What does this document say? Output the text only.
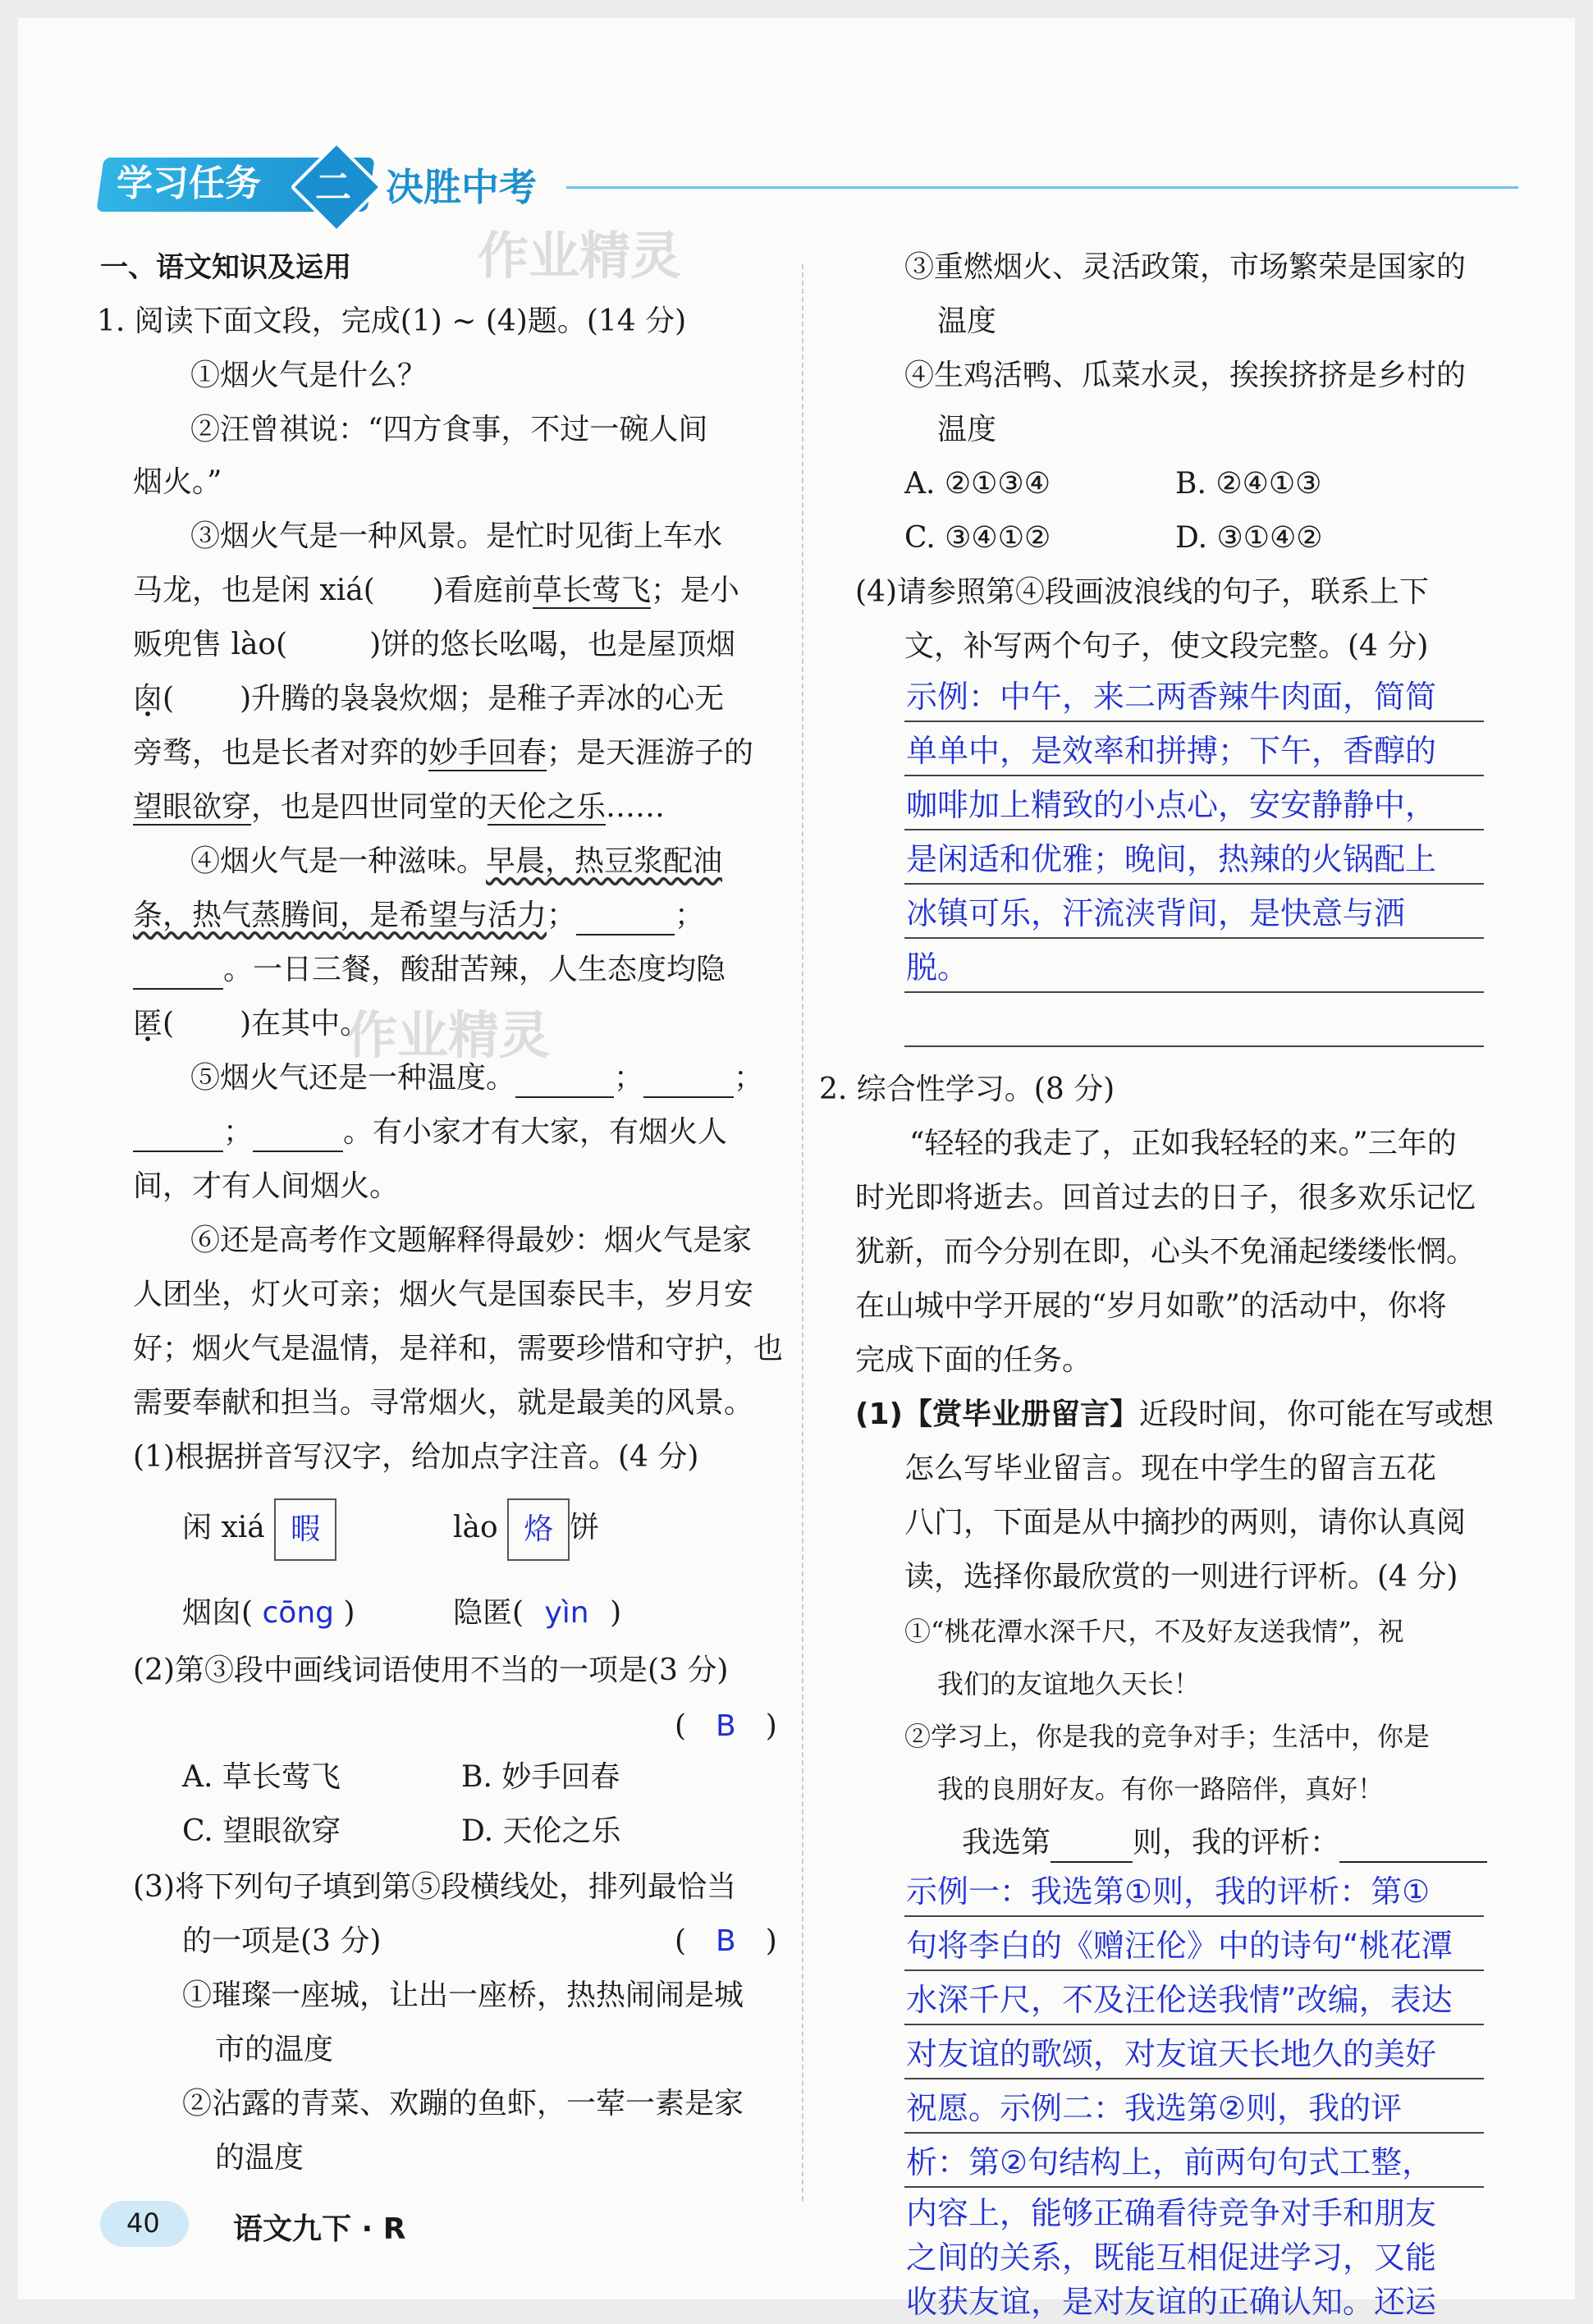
学习任务 二 决胜中考
作业精灵
作业精灵
一、语文知识及运用
1. 阅读下面文段，完成(1) ~ (4)题。(14 分)
①烟火气是什么？
②汪曾祺说：“四方食事，不过一碗人间
烟火。”
③烟火气是一种风景。是忙时见街上车水
马龙，也是闲 xiá( )看庭前草长莺飞；是小
贩兜售 lào(	)饼的悠长吆喝，也是屋顶烟
囱( )升腾的袅袅炊烟；是稚子弄冰的心无
旁骛，也是长者对弈的妙手回春；是天涯游子的
望眼欲穿，也是四世同堂的天伦之乐……
④烟火气是一种滋味。早晨，热豆浆配油
条，热气蒸腾间，是希望与活力；	；
。一日三餐，酸甜苦辣，人生态度均隐
匿( )在其中。
⑤烟火气还是一种温度。	；	；
；	。有小家才有大家，有烟火人
间，才有人间烟火。
⑥还是高考作文题解释得最妙：烟火气是家
人团坐，灯火可亲；烟火气是国泰民丰，岁月安
好；烟火气是温情，是祥和，需要珍惜和守护，也
需要奉献和担当。寻常烟火，就是最美的风景。
(1)根据拼音写汉字，给加点字注音。(4 分)
闲 xiá 暇	lào 烙 饼
烟囱( cōng )	隐匿( yìn )
(2)第③段中画线词语使用不当的一项是(3 分)
(　B　)
A. 草长莺飞	B. 妙手回春
C. 望眼欲穿	D. 天伦之乐
(3)将下列句子填到第⑤段横线处，排列最恰当
的一项是(3 分)	(　B　)
①璀璨一座城，让出一座桥，热热闹闹是城
市的温度
②沾露的青菜、欢蹦的鱼虾，一荤一素是家
的温度
③重燃烟火、灵活政策，市场繁荣是国家的
温度
④生鸡活鸭、瓜菜水灵，挨挨挤挤是乡村的
温度
A. ②①③④	B. ②④①③
C. ③④①②	D. ③①④②
(4)请参照第④段画波浪线的句子，联系上下
文，补写两个句子，使文段完整。(4 分)
示例：中午，来二两香辣牛肉面，简简
单单中，是效率和拼搏；下午，香醇的
咖啡加上精致的小点心，安安静静中，
是闲适和优雅；晚间，热辣的火锅配上
冰镇可乐，汗流浃背间，是快意与洒
脱。
2. 综合性学习。(8 分)
“轻轻的我走了，正如我轻轻的来。”三年的
时光即将逝去。回首过去的日子，很多欢乐记忆
犹新，而今分别在即，心头不免涌起缕缕怅惘。
在山城中学开展的“岁月如歌”的活动中，你将
完成下面的任务。
(1)【赏毕业册留言】近段时间，你可能在写或想
怎么写毕业留言。现在中学生的留言五花
八门，下面是从中摘抄的两则，请你认真阅
读，选择你最欣赏的一则进行评析。(4 分)
①“桃花潭水深千尺，不及好友送我情”，祝
我们的友谊地久天长！
②学习上，你是我的竞争对手；生活中，你是
我的良朋好友。有你一路陪伴，真好！
我选第	则，我的评析：
示例一：我选第①则，我的评析：第①
句将李白的《赠汪伦》中的诗句“桃花潭
水深千尺，不及汪伦送我情”改编，表达
对友谊的歌颂，对友谊天长地久的美好
祝愿。示例二：我选第②则，我的评
析：第②句结构上，前两句句式工整，
内容上，能够正确看待竞争对手和朋友
之间的关系，既能互相促进学习，又能
收获友谊，是对友谊的正确认知。还运
40 语文九下 · R
